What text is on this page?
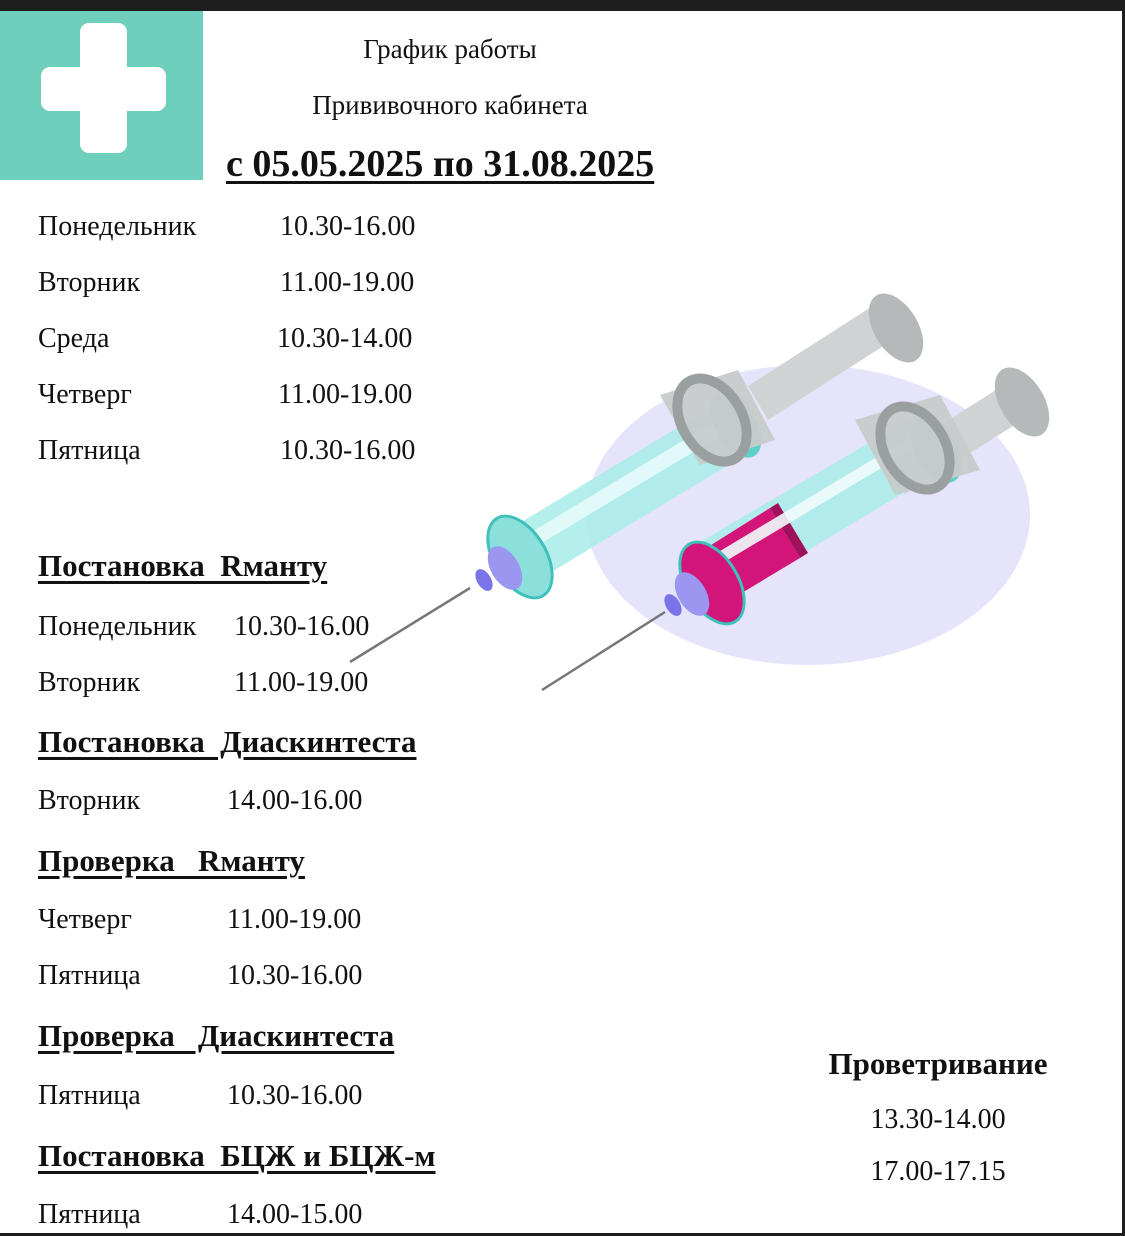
График работы
Прививочного кабинета
с 05.05.2025 по 31.08.2025
Понедельник	10.30-16.00
Вторник	11.00-19.00
Среда	10.30-14.00
Четверг	11.00-19.00
Пятница	10.30-16.00
Постановка  Rманту
Понедельник 10.30-16.00
Вторник	11.00-19.00
Постановка  Диаскинтеста
Вторник	14.00-16.00
Проверка   Rманту
Четверг	11.00-19.00
Пятница	10.30-16.00
Проверка   Диаскинтеста
Пятница	10.30-16.00
Постановка  БЦЖ и БЦЖ-м
Пятница	14.00-15.00
Проветривание
13.30-14.00
17.00-17.15
